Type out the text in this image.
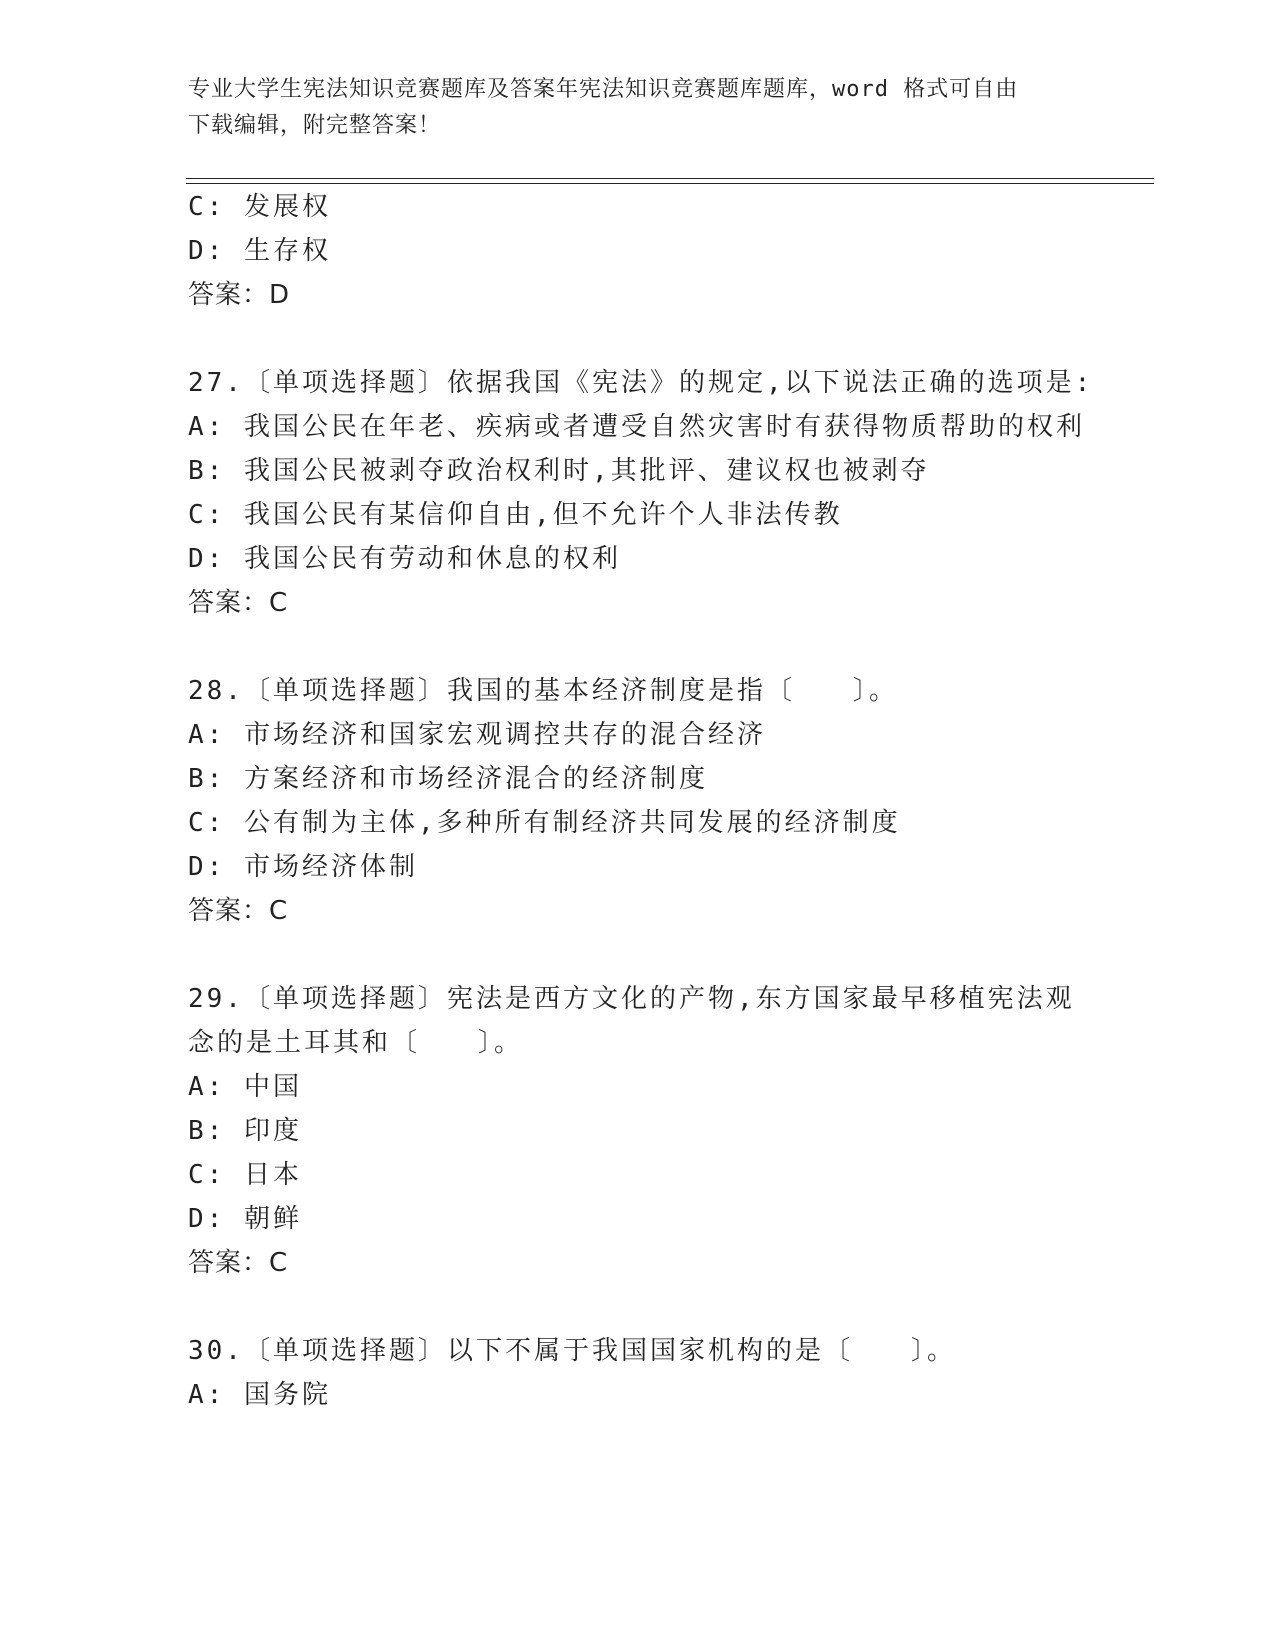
专业大学生宪法知识竞赛题库及答案年宪法知识竞赛题库题库，word 格式可自由
下载编辑，附完整答案！
C: 发展权
D: 生存权
答案：D
27.〔单项选择题〕依据我国《宪法》的规定,以下说法正确的选项是:
A: 我国公民在年老、疾病或者遭受自然灾害时有获得物质帮助的权利
B: 我国公民被剥夺政治权利时,其批评、建议权也被剥夺
C: 我国公民有某信仰自由,但不允许个人非法传教
D: 我国公民有劳动和休息的权利
答案：C
28.〔单项选择题〕我国的基本经济制度是指〔　　〕。
A: 市场经济和国家宏观调控共存的混合经济
B: 方案经济和市场经济混合的经济制度
C: 公有制为主体,多种所有制经济共同发展的经济制度
D: 市场经济体制
答案：C
29.〔单项选择题〕宪法是西方文化的产物,东方国家最早移植宪法观
念的是土耳其和〔　　〕。
A: 中国
B: 印度
C: 日本
D: 朝鲜
答案：C
30.〔单项选择题〕以下不属于我国国家机构的是〔　　〕。
A: 国务院
